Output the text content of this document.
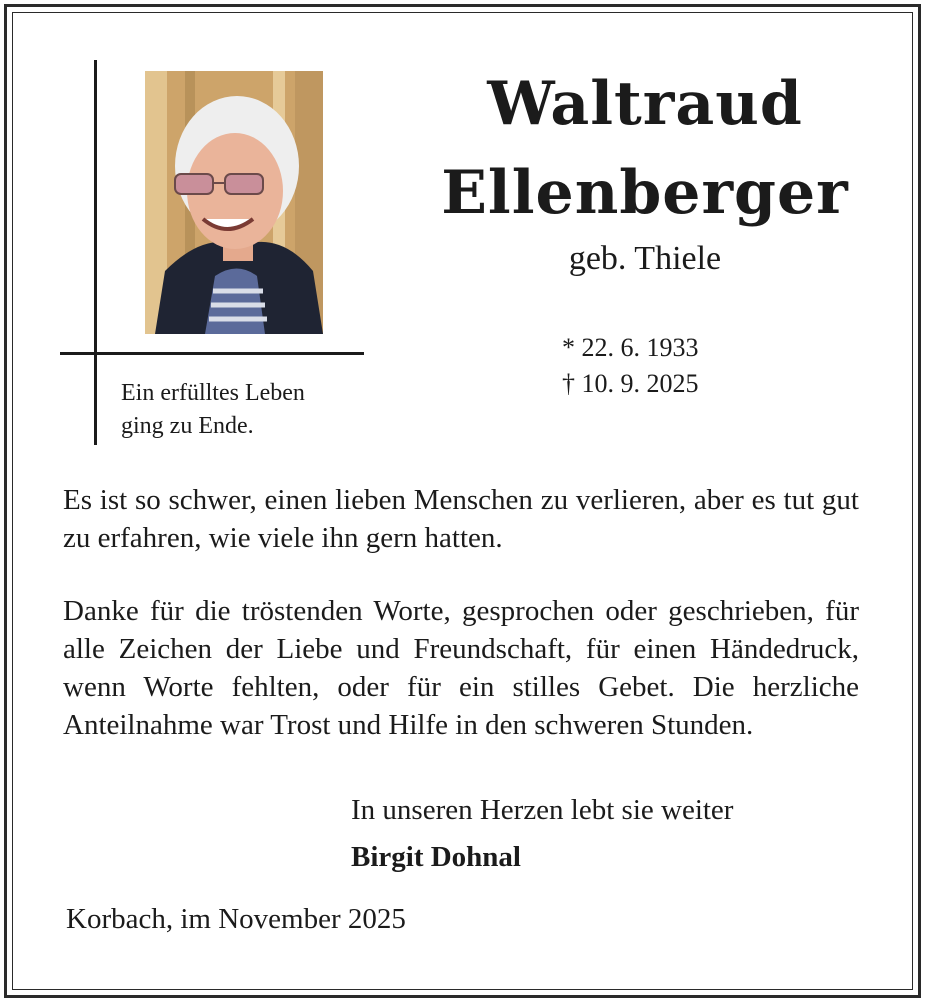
Waltraud
Ellenberger
geb. Thiele
* 22. 6. 1933
† 10. 9. 2025
Ein erfülltes Leben
ging zu Ende.
Es ist so schwer, einen lieben Menschen zu verlieren, aber es tut gut zu erfahren, wie viele ihn gern hatten.
Danke für die tröstenden Worte, gesprochen oder geschrieben, für alle Zeichen der Liebe und Freundschaft, für einen Händedruck, wenn Worte fehlten, oder für ein stilles Gebet. Die herzliche Anteilnahme war Trost und Hilfe in den schweren Stunden.
In unseren Herzen lebt sie weiter
Birgit Dohnal
Korbach, im November 2025
